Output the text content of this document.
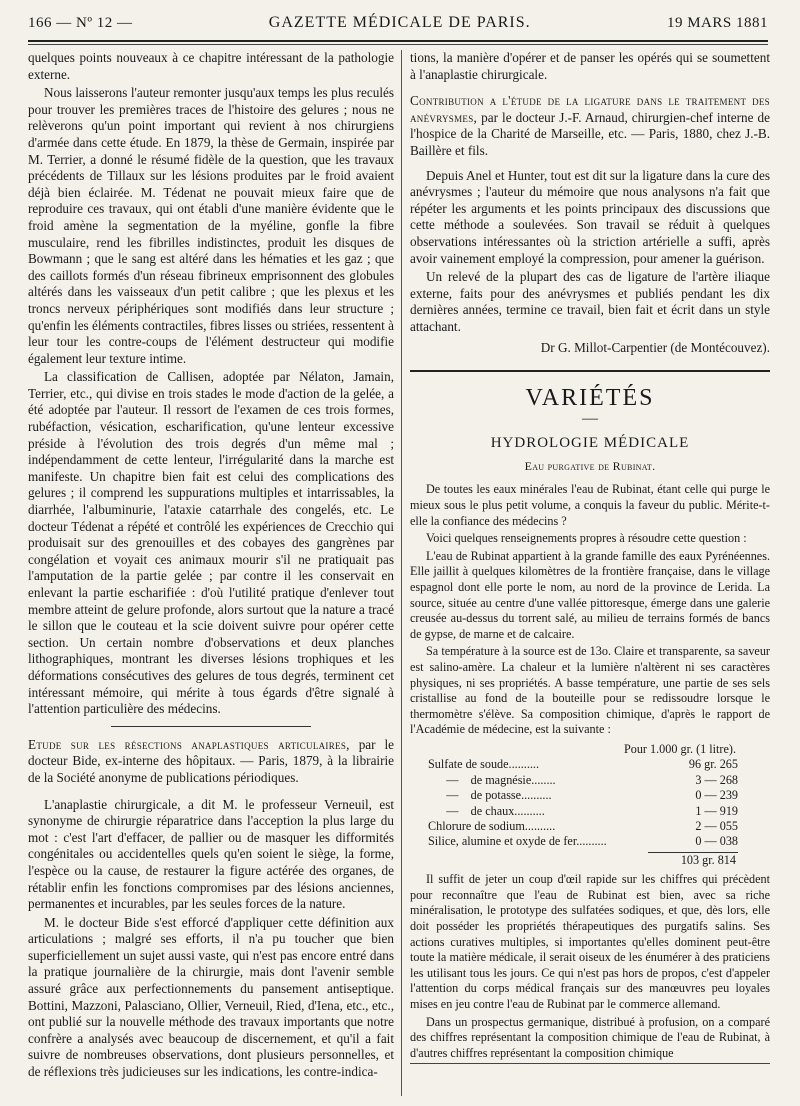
166 — Nº 12 —	GAZETTE MÉDICALE DE PARIS.	19 MARS 1881

quelques points nouveaux à ce chapitre intéressant de la pathologie externe.

Nous laisserons l'auteur remonter jusqu'aux temps les plus reculés pour trouver les premières traces de l'histoire des gelures ; nous ne relèverons qu'un point important qui revient à nos chirurgiens d'armée dans cette étude. En 1879, la thèse de Germain, inspirée par M. Terrier, a donné le résumé fidèle de la question, que les travaux précédents de Tillaux sur les lésions produites par le froid avaient déjà bien éclairée. M. Tédenat ne pouvait mieux faire que de reproduire ces travaux, qui ont établi d'une manière évidente que le froid amène la segmentation de la myéline, gonfle la fibre musculaire, rend les fibrilles indistinctes, produit les disques de Bowmann ; que le sang est altéré dans les hématies et les gaz ; que des caillots formés d'un réseau fibrineux emprisonnent des globules altérés dans les vaisseaux d'un petit calibre ; que les plexus et les troncs nerveux périphériques sont modifiés dans leur structure ; qu'enfin les éléments contractiles, fibres lisses ou striées, ressentent à leur tour les contre-coups de l'élément destructeur qui modifie également leur texture intime.

La classification de Callisen, adoptée par Nélaton, Jamain, Terrier, etc., qui divise en trois stades le mode d'action de la gelée, a été adoptée par l'auteur. Il ressort de l'examen de ces trois formes, rubéfaction, vésication, escharification, qu'une lenteur excessive préside à l'évolution des trois degrés d'un même mal ; indépendamment de cette lenteur, l'irrégularité dans la marche est manifeste. Un chapitre bien fait est celui des complications des gelures ; il comprend les suppurations multiples et intarrissables, la diarrhée, l'albuminurie, l'ataxie catarrhale des congelés, etc. Le docteur Tédenat a répété et contrôlé les expériences de Crecchio qui produisait sur des grenouilles et des cobayes des gangrènes par congélation et voyait ces animaux mourir s'il ne pratiquait pas l'amputation de la partie gelée ; par contre il les conservait en enlevant la partie escharifiée : d'où l'utilité pratique d'enlever tout membre atteint de gelure profonde, alors surtout que la nature a tracé le sillon que le couteau et la scie doivent suivre pour opérer cette section. Un certain nombre d'observations et deux planches lithographiques, montrant les diverses lésions trophiques et les déformations consécutives des gelures de tous degrés, terminent cet intéressant mémoire, qui mérite à tous égards d'être signalé à l'attention particulière des médecins.

Etude sur les résections anaplastiques articulaires, par le docteur Bide, ex-interne des hôpitaux. — Paris, 1879, à la librairie de la Société anonyme de publications périodiques.

L'anaplastie chirurgicale, a dit M. le professeur Verneuil, est synonyme de chirurgie réparatrice dans l'acception la plus large du mot : c'est l'art d'effacer, de pallier ou de masquer les difformités congénitales ou accidentelles quels qu'en soient le siège, la forme, l'espèce ou la cause, de restaurer la figure actérée des organes, de rétablir enfin les fonctions compromises par des lésions anciennes, permanentes et incurables, par les seules forces de la nature.

M. le docteur Bide s'est efforcé d'appliquer cette définition aux articulations ; malgré ses efforts, il n'a pu toucher que bien superficiellement un sujet aussi vaste, qui n'est pas encore entré dans la pratique journalière de la chirurgie, mais dont l'avenir semble assuré grâce aux perfectionnements du pansement antiseptique. Bottini, Mazzoni, Palasciano, Ollier, Verneuil, Ried, d'Iena, etc., etc., ont publié sur la nouvelle méthode des travaux importants que notre confrère a analysés avec beaucoup de discernement, et qu'il a fait suivre de nombreuses observations, dont plusieurs personnelles, et de réflexions très judicieuses sur les indications, les contre-indica-

tions, la manière d'opérer et de panser les opérés qui se soumettent à l'anaplastie chirurgicale.

Contribution a l'étude de la ligature dans le traitement des anévrysmes, par le docteur J.-F. Arnaud, chirurgien-chef interne de l'hospice de la Charité de Marseille, etc. — Paris, 1880, chez J.-B. Baillère et fils.

Depuis Anel et Hunter, tout est dit sur la ligature dans la cure des anévrysmes ; l'auteur du mémoire que nous analysons n'a fait que répéter les arguments et les points principaux des discussions que cette méthode a soulevées. Son travail se réduit à quelques observations intéressantes où la striction artérielle a suffi, après avoir vainement employé la compression, pour amener la guérison.

Un relevé de la plupart des cas de ligature de l'artère iliaque externe, faits pour des anévrysmes et publiés pendant les dix dernières années, termine ce travail, bien fait et écrit dans un style attachant.

Dr G. Millot-Carpentier (de Montécouvez).

VARIÉTÉS
—
HYDROLOGIE MÉDICALE
Eau purgative de Rubinat.

De toutes les eaux minérales l'eau de Rubinat, étant celle qui purge le mieux sous le plus petit volume, a conquis la faveur du public. Mérite-t-elle la confiance des médecins ?

Voici quelques renseignements propres à résoudre cette question :

L'eau de Rubinat appartient à la grande famille des eaux Pyrénéennes. Elle jaillit à quelques kilomètres de la frontière française, dans le village espagnol dont elle porte le nom, au nord de la province de Lerida. La source, située au centre d'une vallée pittoresque, émerge dans une galerie creusée au-dessus du torrent salé, au milieu de terrains formés de bancs de gypse, de marne et de calcaire.

Sa température à la source est de 13o. Claire et transparente, sa saveur est salino-amère. La chaleur et la lumière n'altèrent ni ses caractères physiques, ni ses propriétés. A basse température, une partie de ses sels cristallise au fond de la bouteille pour se redissoudre lorsque le thermomètre s'élève. Sa composition chimique, d'après le rapport de l'Académie de médecine, est la suivante :

Pour 1.000 gr. (1 litre).
Sulfate de soude..........	96 gr. 265
—    de magnésie........	3 — 268
—    de potasse..........	0 — 239
—    de chaux..........	1 — 919
Chlorure de sodium..........	2 — 055
Silice, alumine et oxyde de fer..........	0 — 038
103 gr. 814

Il suffit de jeter un coup d'œil rapide sur les chiffres qui précèdent pour reconnaître que l'eau de Rubinat est bien, avec sa riche minéralisation, le prototype des sulfatées sodiques, et que, dès lors, elle doit posséder les propriétés thérapeutiques des purgatifs salins. Ses actions curatives multiples, si importantes qu'elles dominent peut-être toute la matière médicale, il serait oiseux de les énumérer à des praticiens les utilisant tous les jours. Ce qui n'est pas hors de propos, c'est d'appeler l'attention du corps médical français sur des manœuvres peu loyales mises en jeu contre l'eau de Rubinat par le commerce allemand.

Dans un prospectus germanique, distribué à profusion, on a comparé des chiffres représentant la composition chimique de l'eau de Rubinat, à d'autres chiffres représentant la composition chimique
